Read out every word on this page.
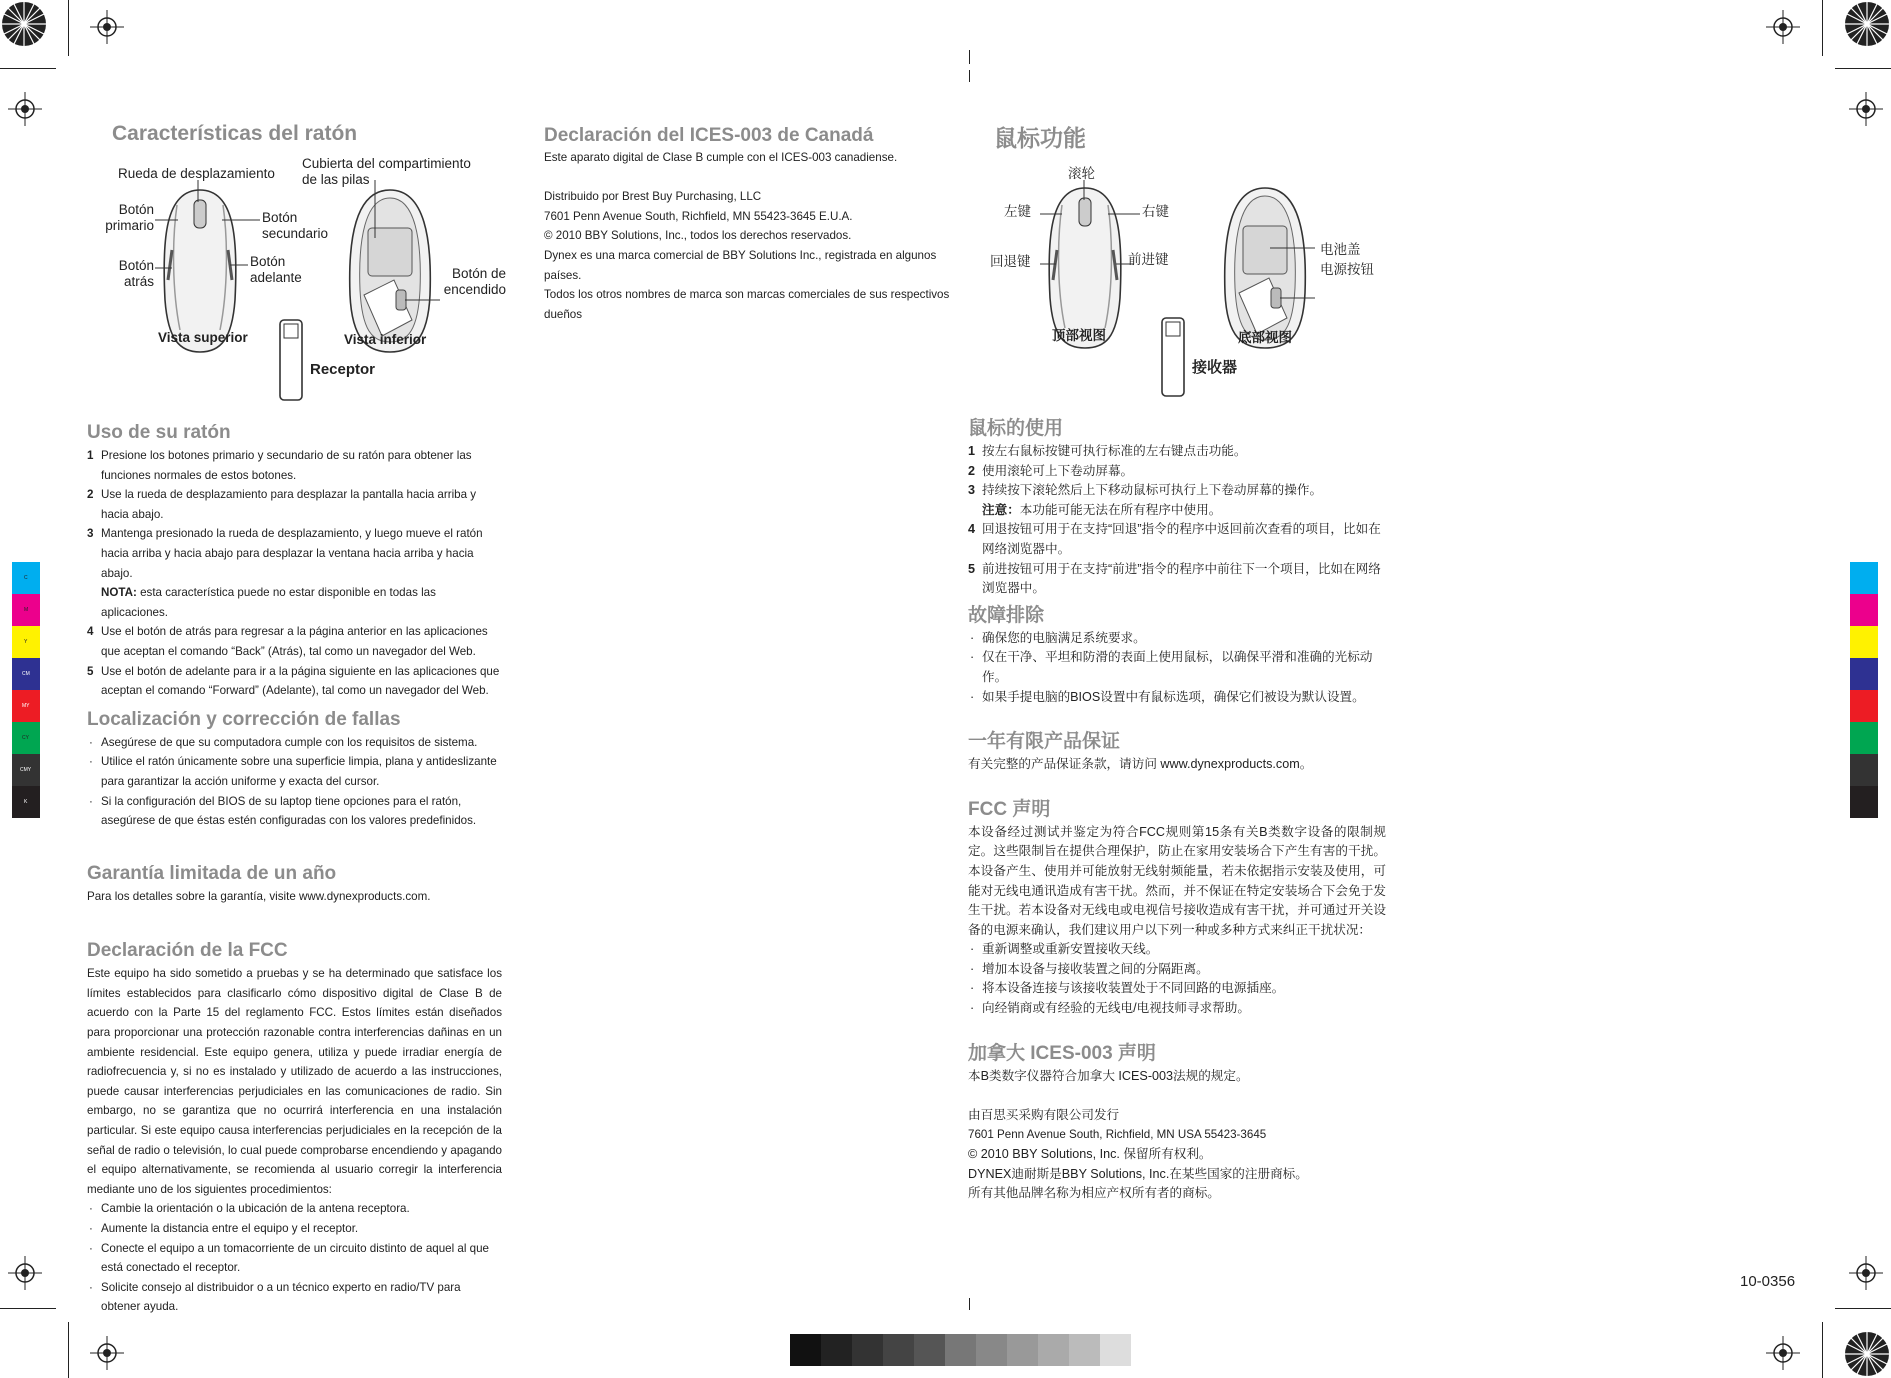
C
M
Y
CM
MY
CY
CMY
K
Características del ratón
Rueda de desplazamiento
Cubierta del compartimiento de las pilas
Botón primario
Botón secundario
Botón atrás
Botón adelante	Botón de encendido
Vista superior	Vista inferior
Receptor
Declaración del ICES-003 de Canadá
Este aparato digital de Clase B cumple con el ICES-003 canadiense.
Distribuido por Brest Buy Purchasing, LLC
7601 Penn Avenue South, Richfield, MN 55423-3645 E.U.A.
© 2010 BBY Solutions, Inc., todos los derechos reservados.
Dynex es una marca comercial de BBY Solutions Inc., registrada en algunos países.
Todos los otros nombres de marca son marcas comerciales de sus respectivos dueños
Uso de su ratón
1 Presione los botones primario y secundario de su ratón para obtener las funciones normales de estos botones.
2 Use la rueda de desplazamiento para desplazar la pantalla hacia arriba y hacia abajo.
3 Mantenga presionado la rueda de desplazamiento, y luego mueve el ratón hacia arriba y hacia abajo para desplazar la ventana hacia arriba y hacia abajo.
NOTA: esta característica puede no estar disponible en todas las aplicaciones.
4 Use el botón de atrás para regresar a la página anterior en las aplicaciones que aceptan el comando “Back” (Atrás), tal como un navegador del Web.
5 Use el botón de adelante para ir a la página siguiente en las aplicaciones que aceptan el comando “Forward” (Adelante), tal como un navegador del Web.
Localización y corrección de fallas
· Asegúrese de que su computadora cumple con los requisitos de sistema.
· Utilice el ratón únicamente sobre una superficie limpia, plana y antideslizante para garantizar la acción uniforme y exacta del cursor.
· Si la configuración del BIOS de su laptop tiene opciones para el ratón, asegúrese de que éstas estén configuradas con los valores predefinidos.
Garantía limitada de un año
Para los detalles sobre la garantía, visite www.dynexproducts.com.
Declaración de la FCC
Este equipo ha sido sometido a pruebas y se ha determinado que satisface los límites establecidos para clasificarlo cómo dispositivo digital de Clase B de acuerdo con la Parte 15 del reglamento FCC. Estos límites están diseñados para proporcionar una protección razonable contra interferencias dañinas en un ambiente residencial. Este equipo genera, utiliza y puede irradiar energía de radiofrecuencia y, si no es instalado y utilizado de acuerdo a las instrucciones, puede causar interferencias perjudiciales en las comunicaciones de radio. Sin embargo, no se garantiza que no ocurrirá interferencia en una instalación particular. Si este equipo causa interferencias perjudiciales en la recepción de la señal de radio o televisión, lo cual puede comprobarse encendiendo y apagando el equipo alternativamente, se recomienda al usuario corregir la interferencia mediante uno de los siguientes procedimientos:
· Cambie la orientación o la ubicación de la antena receptora.
· Aumente la distancia entre el equipo y el receptor.
· Conecte el equipo a un tomacorriente de un circuito distinto de aquel al que está conectado el receptor.
· Solicite consejo al distribuidor o a un técnico experto en radio/TV para obtener ayuda.
鼠标功能
滚轮
左键	右键
回退键	前进键
电池盖
电源按钮
顶部视图	底部视图
接收器
鼠标的使用
1 按左右鼠标按键可执行标准的左右键点击功能。
2 使用滚轮可上下卷动屏幕。
3 持续按下滚轮然后上下移动鼠标可执行上下卷动屏幕的操作。
注意：本功能可能无法在所有程序中使用。
4 回退按钮可用于在支持“回退”指令的程序中返回前次查看的项目，比如在网络浏览器中。
5 前进按钮可用于在支持“前进”指令的程序中前往下一个项目，比如在网络浏览器中。
故障排除
· 确保您的电脑满足系统要求。
· 仅在干净、平坦和防滑的表面上使用鼠标，以确保平滑和准确的光标动作。
· 如果手提电脑的BIOS设置中有鼠标选项，确保它们被设为默认设置。
一年有限产品保证
有关完整的产品保证条款，请访问 www.dynexproducts.com。
FCC 声明
本设备经过测试并鉴定为符合FCC规则第15条有关B类数字设备的限制规定。这些限制旨在提供合理保护，防止在家用安装场合下产生有害的干扰。本设备产生、使用并可能放射无线射频能量，若未依据指示安装及使用，可能对无线电通讯造成有害干扰。然而，并不保证在特定安装场合下会免于发生干扰。若本设备对无线电或电视信号接收造成有害干扰，并可通过开关设备的电源来确认，我们建议用户以下列一种或多种方式来纠正干扰状况：
· 重新调整或重新安置接收天线。
· 增加本设备与接收装置之间的分隔距离。
· 将本设备连接与该接收装置处于不同回路的电源插座。
· 向经销商或有经验的无线电/电视技师寻求帮助。
加拿大 ICES-003 声明
本B类数字仪器符合加拿大 ICES-003法规的规定。
由百思买采购有限公司发行
7601 Penn Avenue South, Richfield, MN USA 55423-3645
© 2010 BBY Solutions, Inc. 保留所有权利。
DYNEX迪耐斯是BBY Solutions, Inc.在某些国家的注册商标。
所有其他品牌名称为相应产权所有者的商标。
10-0356
